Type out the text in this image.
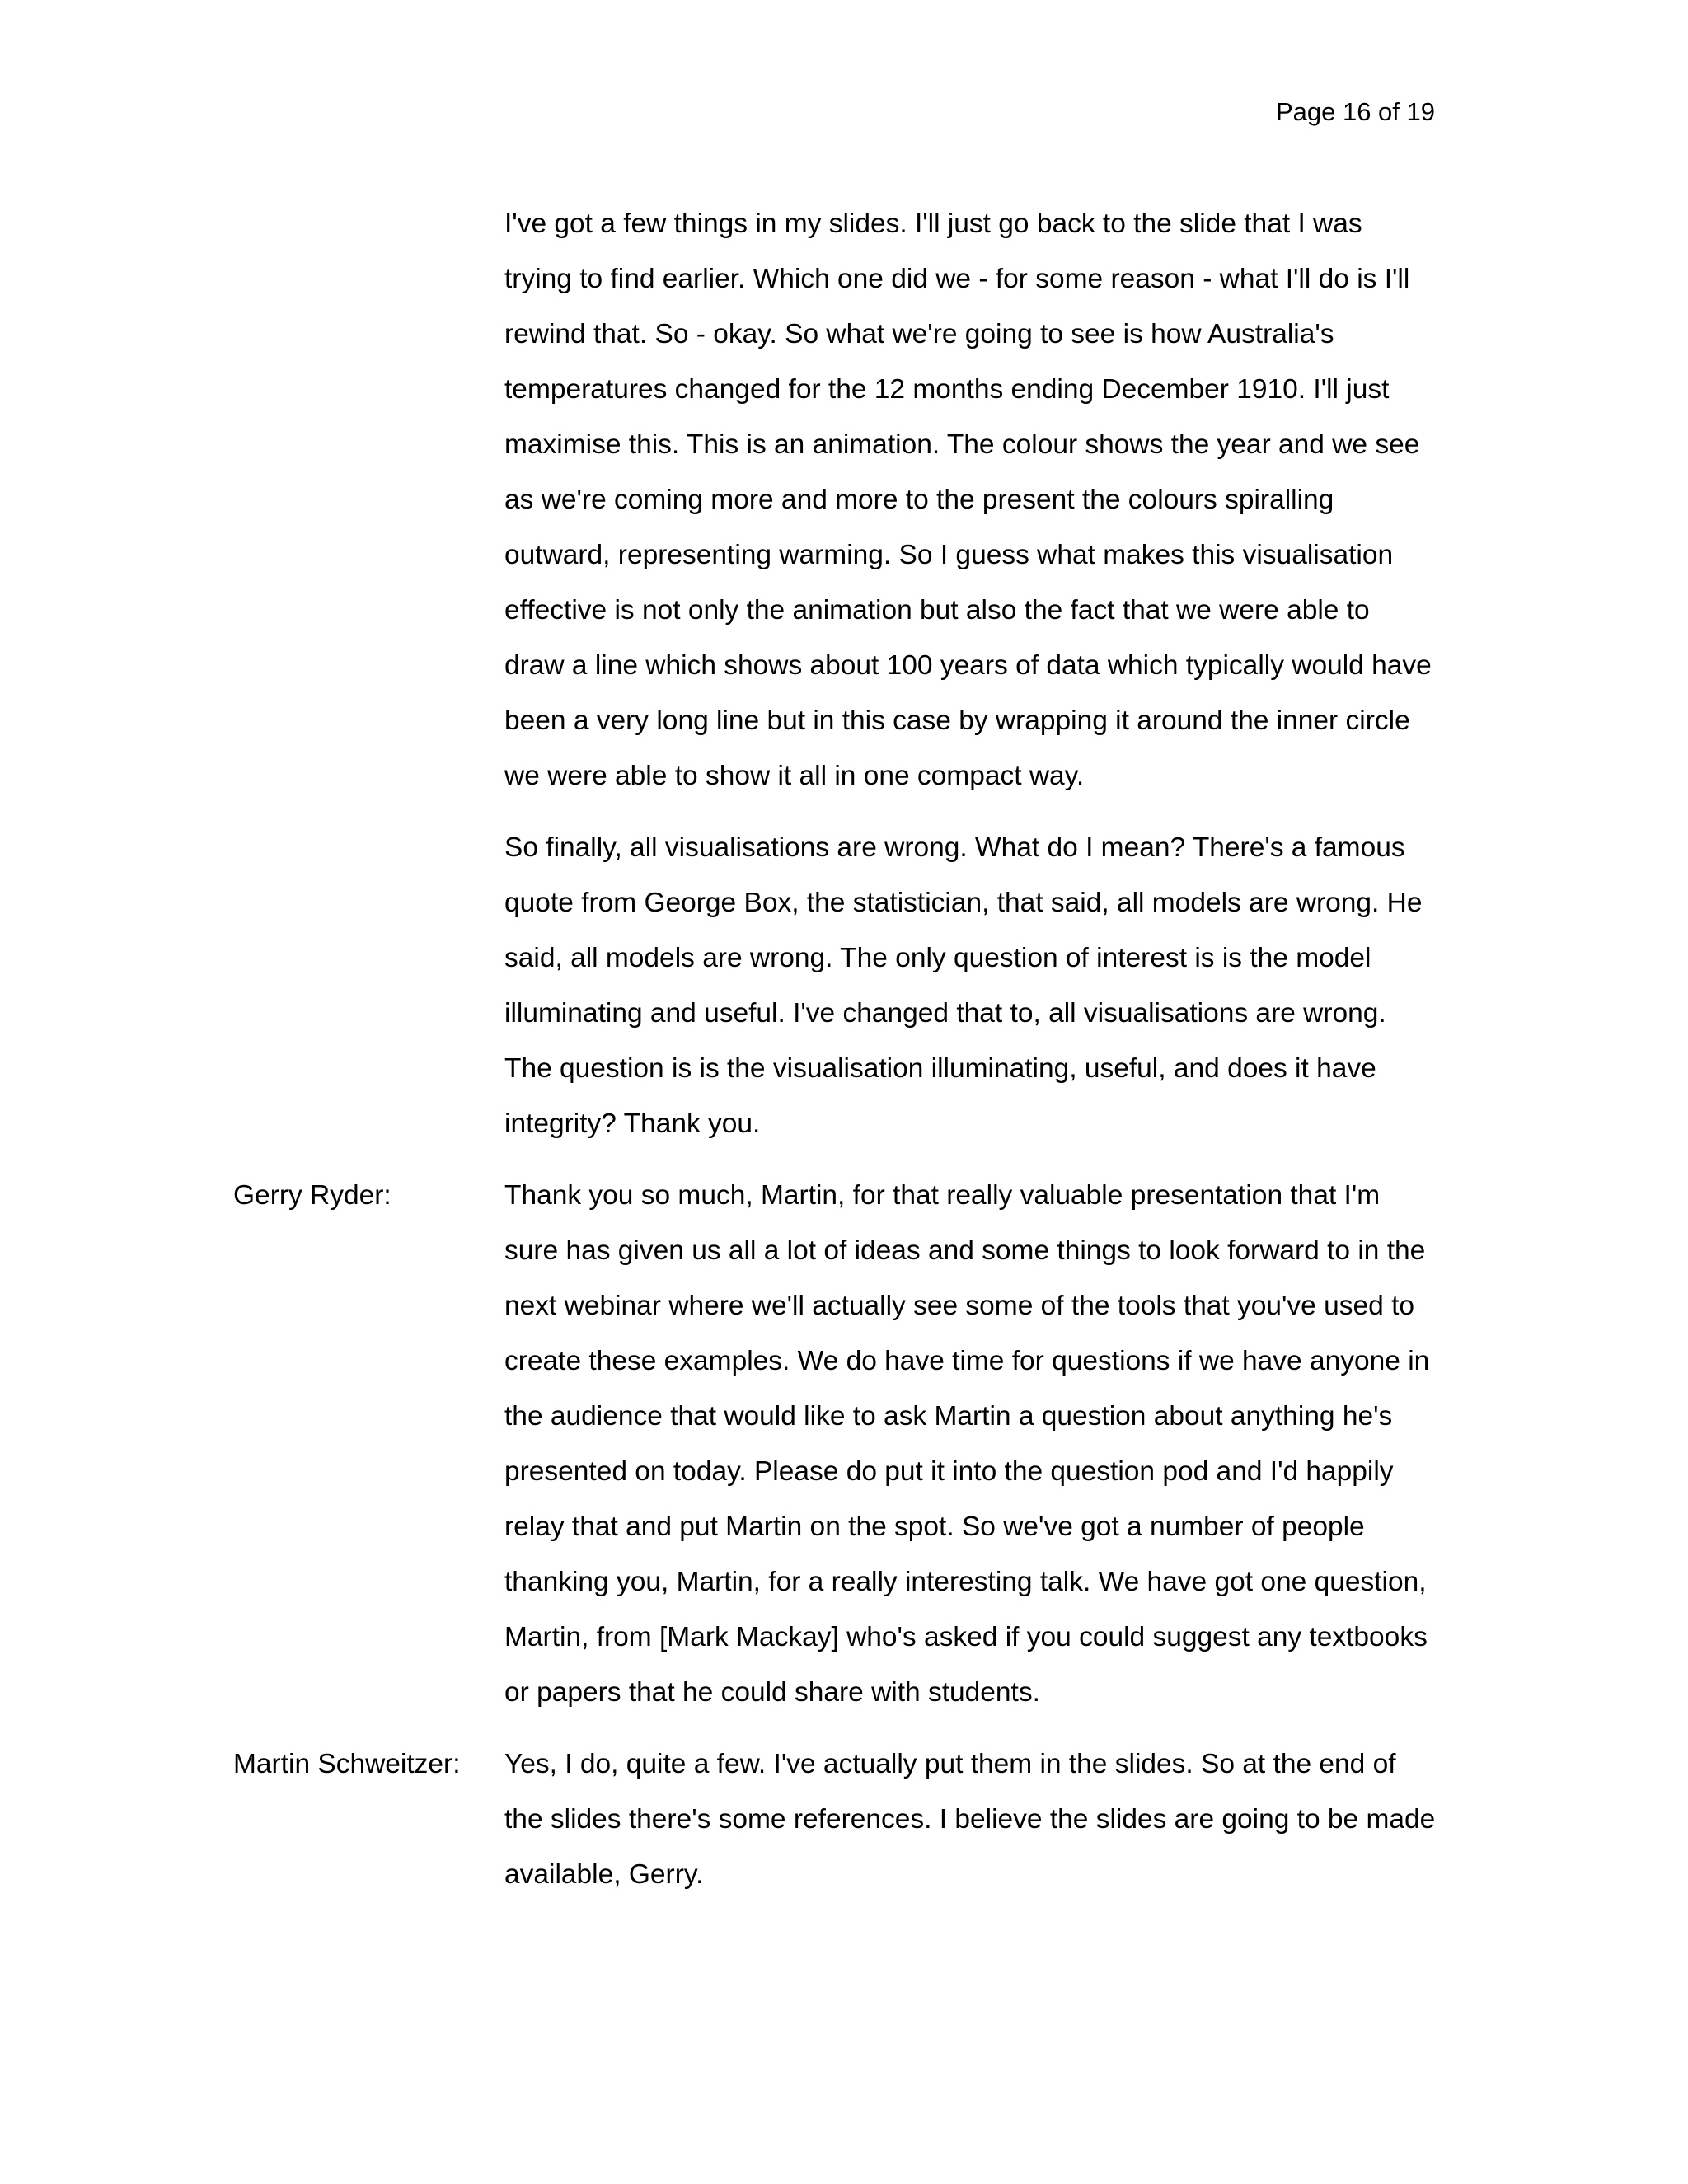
Page 16 of 19

I've got a few things in my slides. I'll just go back to the slide that I was trying to find earlier. Which one did we - for some reason - what I'll do is I'll rewind that. So - okay. So what we're going to see is how Australia's temperatures changed for the 12 months ending December 1910. I'll just maximise this. This is an animation. The colour shows the year and we see as we're coming more and more to the present the colours spiralling outward, representing warming. So I guess what makes this visualisation effective is not only the animation but also the fact that we were able to draw a line which shows about 100 years of data which typically would have been a very long line but in this case by wrapping it around the inner circle we were able to show it all in one compact way.

So finally, all visualisations are wrong. What do I mean? There's a famous quote from George Box, the statistician, that said, all models are wrong. He said, all models are wrong. The only question of interest is is the model illuminating and useful. I've changed that to, all visualisations are wrong. The question is is the visualisation illuminating, useful, and does it have integrity? Thank you.

Gerry Ryder:	Thank you so much, Martin, for that really valuable presentation that I'm sure has given us all a lot of ideas and some things to look forward to in the next webinar where we'll actually see some of the tools that you've used to create these examples. We do have time for questions if we have anyone in the audience that would like to ask Martin a question about anything he's presented on today. Please do put it into the question pod and I'd happily relay that and put Martin on the spot. So we've got a number of people thanking you, Martin, for a really interesting talk. We have got one question, Martin, from [Mark Mackay] who's asked if you could suggest any textbooks or papers that he could share with students.

Martin Schweitzer:	Yes, I do, quite a few. I've actually put them in the slides. So at the end of the slides there's some references. I believe the slides are going to be made available, Gerry.
